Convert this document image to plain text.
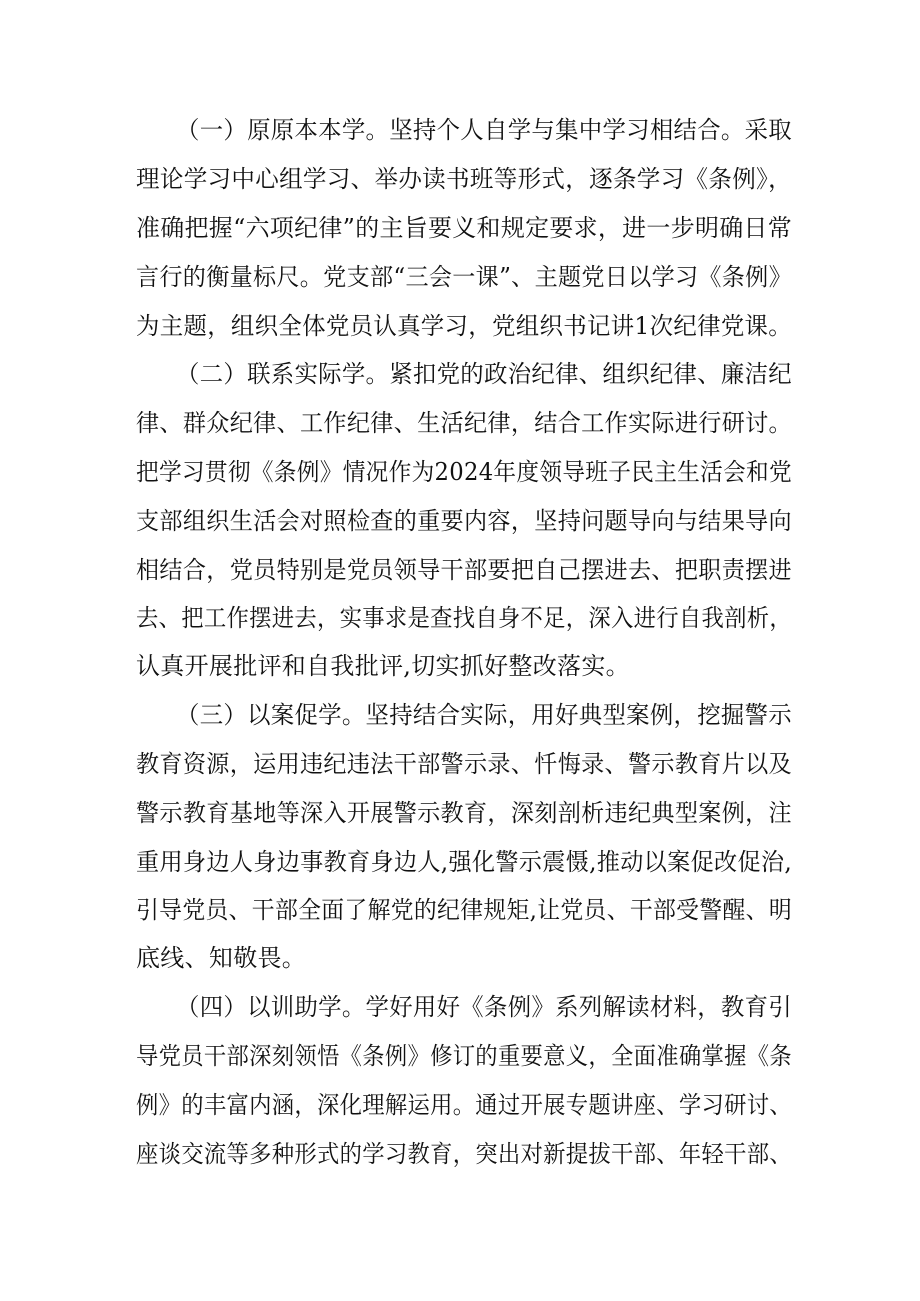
（一）原原本本学。坚持个人自学与集中学习相结合。采取

理论学习中心组学习、举办读书班等形式，逐条学习《条例》，

准确把握“六项纪律”的主旨要义和规定要求，进一步明确日常

言行的衡量标尺。党支部“三会一课”、主题党日以学习《条例》

为主题，组织全体党员认真学习，党组织书记讲1次纪律党课。

（二）联系实际学。紧扣党的政治纪律、组织纪律、廉洁纪

律、群众纪律、工作纪律、生活纪律，结合工作实际进行研讨。

把学习贯彻《条例》情况作为2024年度领导班子民主生活会和党

支部组织生活会对照检查的重要内容，坚持问题导向与结果导向

相结合，党员特别是党员领导干部要把自己摆进去、把职责摆进

去、把工作摆进去，实事求是查找自身不足，深入进行自我剖析，

认真开展批评和自我批评,切实抓好整改落实。

（三）以案促学。坚持结合实际，用好典型案例，挖掘警示

教育资源，运用违纪违法干部警示录、忏悔录、警示教育片以及

警示教育基地等深入开展警示教育，深刻剖析违纪典型案例，注

重用身边人身边事教育身边人,强化警示震慑,推动以案促改促治,

引导党员、干部全面了解党的纪律规矩,让党员、干部受警醒、明

底线、知敬畏。

（四）以训助学。学好用好《条例》系列解读材料，教育引

导党员干部深刻领悟《条例》修订的重要意义，全面准确掌握《条

例》的丰富内涵，深化理解运用。通过开展专题讲座、学习研讨、

座谈交流等多种形式的学习教育，突出对新提拔干部、年轻干部、
